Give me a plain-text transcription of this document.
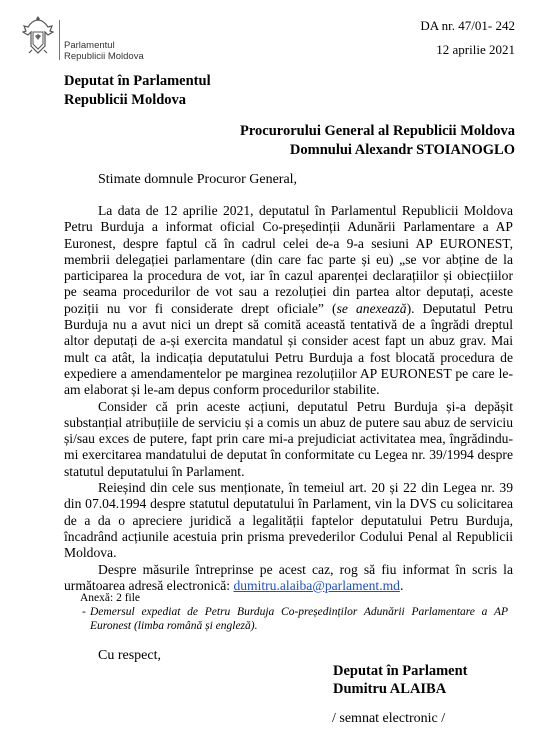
Parlamentul
Republicii Moldova
DA nr. 47/01- 242
12 aprilie 2021
Deputat în Parlamentul
Republicii Moldova
Procurorului General al Republicii Moldova
Domnului Alexandr STOIANOGLO
Stimate domnule Procuror General,

La data de 12 aprilie 2021, deputatul în Parlamentul Republicii Moldova Petru Burduja a informat oficial Co-președinții Adunării Parlamentare a AP Euronest, despre faptul că în cadrul celei de-a 9-a sesiuni AP EURONEST, membrii delegației parlamentare (din care fac parte și eu) „se vor abține de la participarea la procedura de vot, iar în cazul aparenței declarațiilor și obiecțiilor pe seama procedurilor de vot sau a rezoluției din partea altor deputați, aceste poziții nu vor fi considerate drept oficiale” (se anexează). Deputatul Petru Burduja nu a avut nici un drept să comită această tentativă de a îngrădi dreptul altor deputați de a-și exercita mandatul și consider acest fapt un abuz grav. Mai mult ca atât, la indicația deputatului Petru Burduja a fost blocată procedura de expediere a amendamentelor pe marginea rezoluțiilor AP EURONEST pe care le-am elaborat și le-am depus conform procedurilor stabilite.

Consider că prin aceste acțiuni, deputatul Petru Burduja și-a depășit substanțial atribuțiile de serviciu și a comis un abuz de putere sau abuz de serviciu și/sau exces de putere, fapt prin care mi-a prejudiciat activitatea mea, îngrădindu-mi exercitarea mandatului de deputat în conformitate cu Legea nr. 39/1994 despre statutul deputatului în Parlament.

Reieșind din cele sus menționate, în temeiul art. 20 și 22 din Legea nr. 39 din 07.04.1994 despre statutul deputatului în Parlament, vin la DVS cu solicitarea de a da o apreciere juridică a legalității faptelor deputatului Petru Burduja, încadrând acțiunile acestuia prin prisma prevederilor Codului Penal al Republicii Moldova.

Despre măsurile întreprinse pe acest caz, rog să fiu informat în scris la următoarea adresă electronică: dumitru.alaiba@parlament.md.

Anexă: 2 file
- Demersul expediat de Petru Burduja Co-președinților Adunării Parlamentare a AP Euronest (limba română și engleză).
Cu respect,
Deputat în Parlament
Dumitru ALAIBA
/ semnat electronic /
